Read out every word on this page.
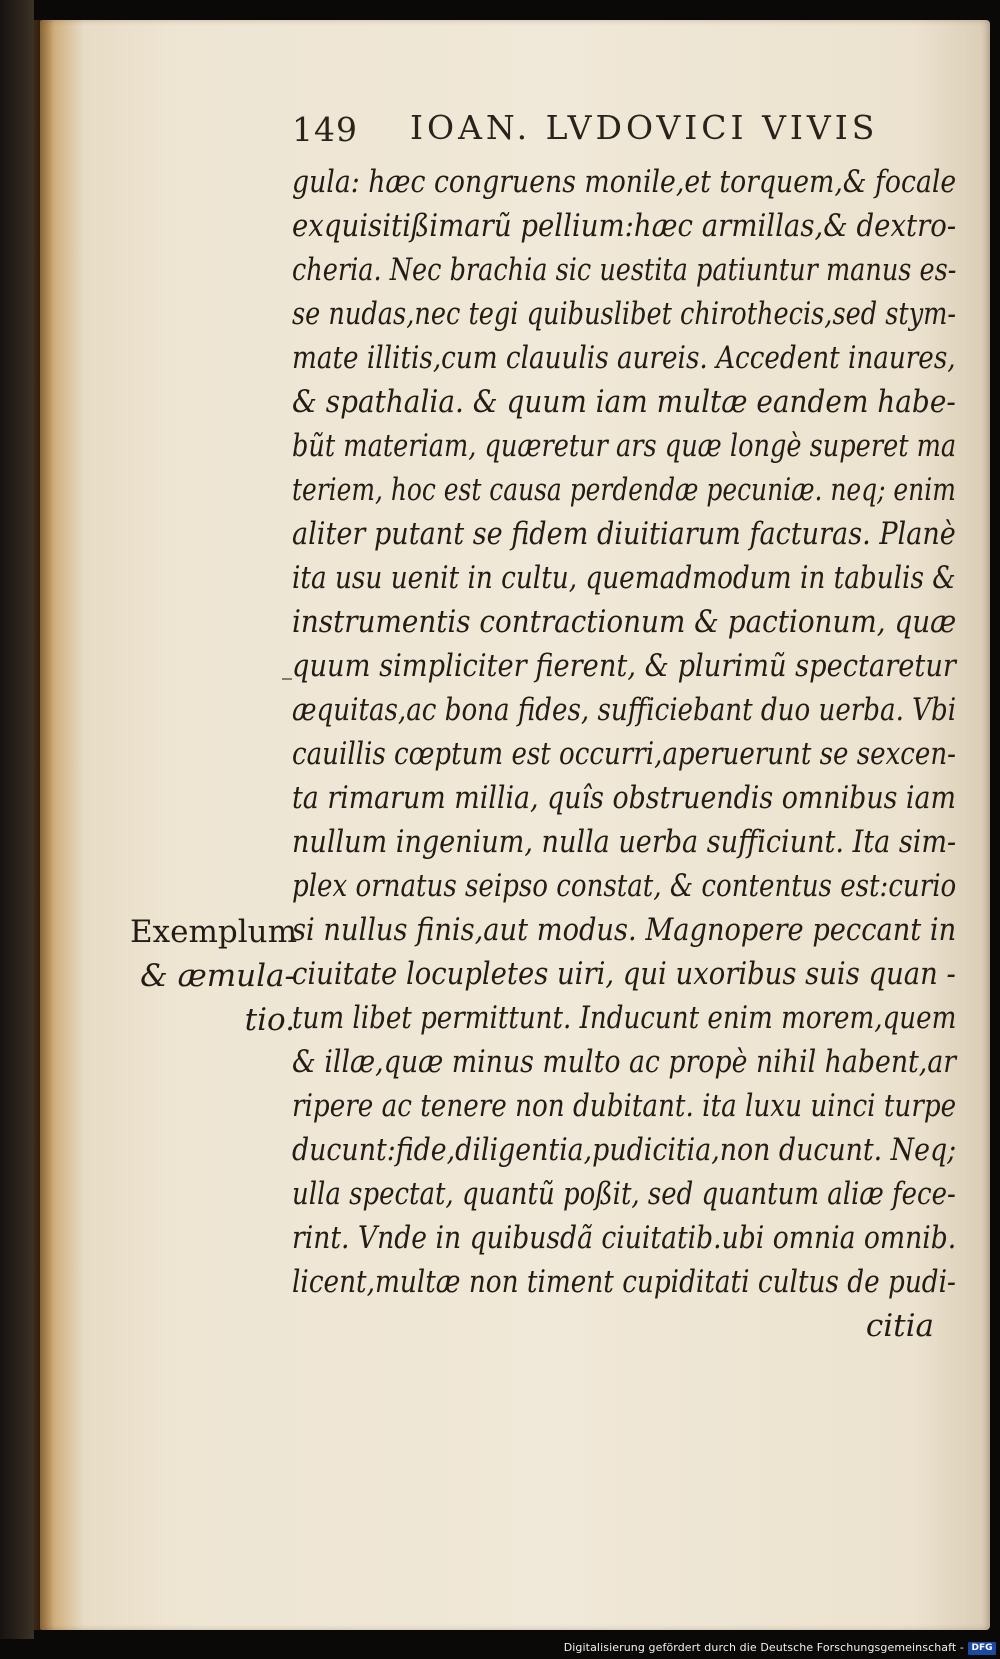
149 IOAN. LVDOVICI VIVIS
gula: hæc congruens monile,et torquem,& focale
exquisitißimarũ pellium:hæc armillas,& dextro-
cheria. Nec brachia sic uestita patiuntur manus es-
se nudas,nec tegi quibuslibet chirothecis,sed stym-
mate illitis,cum clauulis aureis. Accedent inaures,
& spathalia. & quum iam multæ eandem habe-
bũt materiam, quæretur ars quæ longè superet ma
teriem, hoc est causa perdendæ pecuniæ. neq; enim
aliter putant se fidem diuitiarum facturas. Planè
ita usu uenit in cultu, quemadmodum in tabulis &
instrumentis contractionum & pactionum, quæ
quum simpliciter fierent, & plurimũ spectaretur
æquitas,ac bona fides, sufficiebant duo uerba. Vbi
cauillis cœptum est occurri,aperuerunt se sexcen-
ta rimarum millia, quîs obstruendis omnibus iam
nullum ingenium, nulla uerba sufficiunt. Ita sim-
plex ornatus seipso constat, & contentus est:curio
si nullus finis,aut modus. Magnopere peccant in
ciuitate locupletes uiri, qui uxoribus suis quan -
tum libet permittunt. Inducunt enim morem,quem
& illæ,quæ minus multo ac propè nihil habent,ar
ripere ac tenere non dubitant. ita luxu uinci turpe
ducunt:fide,diligentia,pudicitia,non ducunt. Neq;
ulla spectat, quantũ poßit, sed quantum aliæ fece-
rint. Vnde in quibusdã ciuitatib.ubi omnia omnib.
licent,multæ non timent cupiditati cultus de pudi-
citia
Exemplum
& æmula-
tio.
Digitalisierung gefördert durch die Deutsche Forschungsgemeinschaft - DFG
